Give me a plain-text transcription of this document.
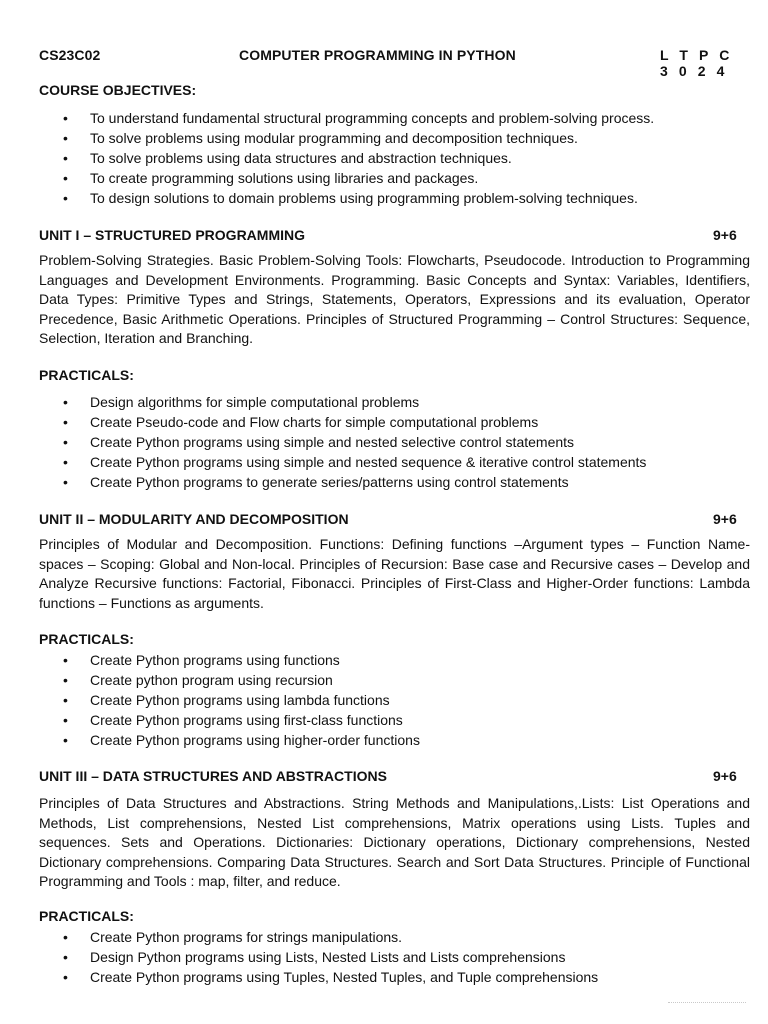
CS23C02	COMPUTER PROGRAMMING IN PYTHON	L T P C
3 0 2 4
COURSE OBJECTIVES:
• To understand fundamental structural programming concepts and problem-solving process.
• To solve problems using modular programming and decomposition techniques.
• To solve problems using data structures and abstraction techniques.
• To create programming solutions using libraries and packages.
• To design solutions to domain problems using programming problem-solving techniques.
UNIT I – STRUCTURED PROGRAMMING	9+6

Problem-Solving Strategies. Basic Problem-Solving Tools: Flowcharts, Pseudocode. Introduction to Programming Languages and Development Environments. Programming. Basic Concepts and Syntax: Variables, Identifiers, Data Types: Primitive Types and Strings, Statements, Operators, Expressions and its evaluation, Operator Precedence, Basic Arithmetic Operations. Principles of Structured Programming – Control Structures: Sequence, Selection, Iteration and Branching.

PRACTICALS:
• Design algorithms for simple computational problems
• Create Pseudo-code and Flow charts for simple computational problems
• Create Python programs using simple and nested selective control statements
• Create Python programs using simple and nested sequence & iterative control statements
• Create Python programs to generate series/patterns using control statements
UNIT II – MODULARITY AND DECOMPOSITION	9+6

Principles of Modular and Decomposition. Functions: Defining functions –Argument types – Function Name-spaces – Scoping: Global and Non-local. Principles of Recursion: Base case and Recursive cases – Develop and Analyze Recursive functions: Factorial, Fibonacci. Principles of First-Class and Higher-Order functions: Lambda functions – Functions as arguments.

PRACTICALS:
• Create Python programs using functions
• Create python program using recursion
• Create Python programs using lambda functions
• Create Python programs using first-class functions
• Create Python programs using higher-order functions
UNIT III – DATA STRUCTURES AND ABSTRACTIONS	9+6

Principles of Data Structures and Abstractions. String Methods and Manipulations,.Lists: List Operations and Methods, List comprehensions, Nested List comprehensions, Matrix operations using Lists. Tuples and sequences. Sets and Operations. Dictionaries: Dictionary operations, Dictionary comprehensions, Nested Dictionary comprehensions. Comparing Data Structures. Search and Sort Data Structures. Principle of Functional Programming and Tools : map, filter, and reduce.

PRACTICALS:
• Create Python programs for strings manipulations.
• Design Python programs using Lists, Nested Lists and Lists comprehensions
• Create Python programs using Tuples, Nested Tuples, and Tuple comprehensions
